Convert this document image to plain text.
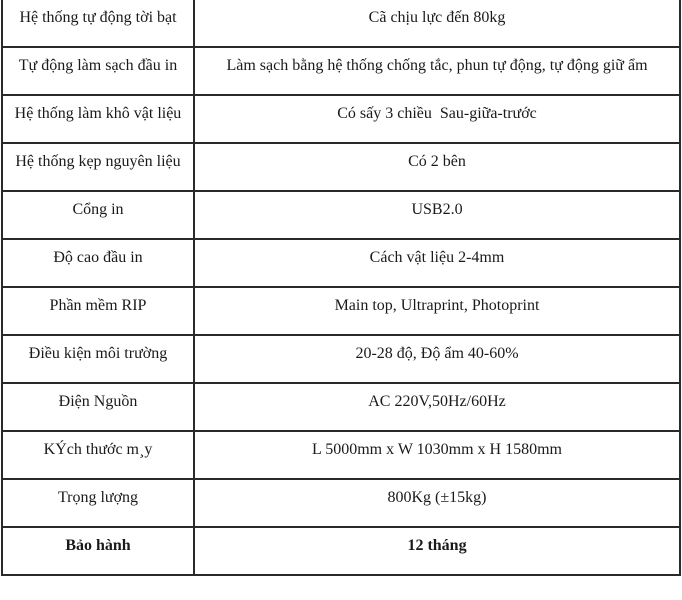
Hệ thống tự động tời bạt	Cã chịu lực đến 80kg
Tự động làm sạch đầu in	Làm sạch bằng hệ thống chống tắc, phun tự động, tự động giữ ẩm
Hệ thống làm khô vật liệu	Có sấy 3 chiều  Sau-giữa-trước
Hệ thống kẹp nguyên liệu	Có 2 bên
Cổng in	USB2.0
Độ cao đầu in	Cách vật liệu 2-4mm
Phần mềm RIP	Main top, Ultraprint, Photoprint
Điều kiện môi trường	20-28 độ, Độ ẩm 40-60%
Điện Nguồn	AC 220V,50Hz/60Hz
KÝch thước m¸y	L 5000mm x W 1030mm x H 1580mm
Trọng lượng	800Kg (±15kg)
Bảo hành	12 tháng
